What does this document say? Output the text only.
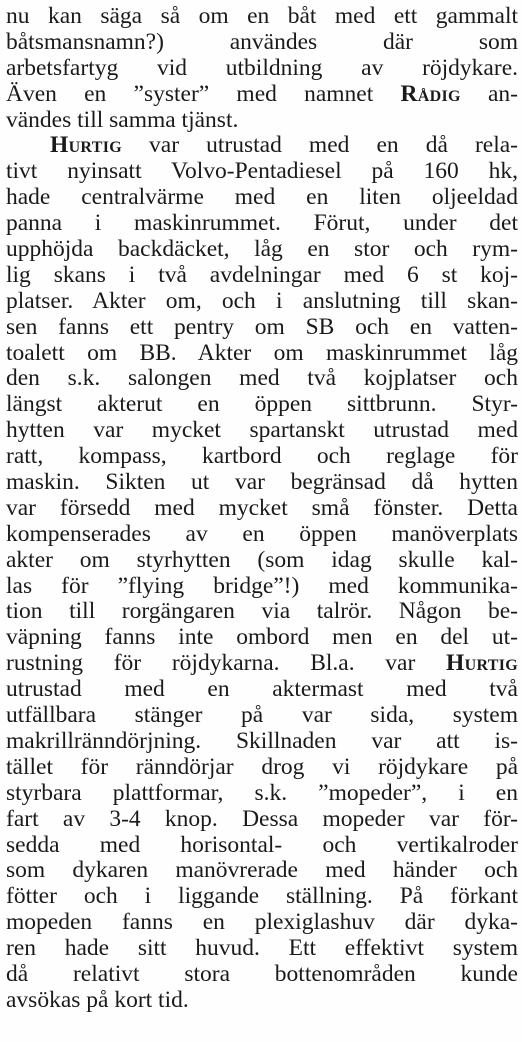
nu kan säga så om en båt med ett gammalt
båtsmansnamn?) användes där som
arbetsfartyg vid utbildning av röjdykare.
Även en ”syster” med namnet Rådig an-
vändes till samma tjänst.
Hurtig var utrustad med en då rela-
tivt nyinsatt Volvo-Pentadiesel på 160 hk,
hade centralvärme med en liten oljeeldad
panna i maskinrummet. Förut, under det
upphöjda backdäcket, låg en stor och rym-
lig skans i två avdelningar med 6 st koj-
platser. Akter om, och i anslutning till skan-
sen fanns ett pentry om SB och en vatten-
toalett om BB. Akter om maskinrummet låg
den s.k. salongen med två kojplatser och
längst akterut en öppen sittbrunn. Styr-
hytten var mycket spartanskt utrustad med
ratt, kompass, kartbord och reglage för
maskin. Sikten ut var begränsad då hytten
var försedd med mycket små fönster. Detta
kompenserades av en öppen manöverplats
akter om styrhytten (som idag skulle kal-
las för ”flying bridge”!) med kommunika-
tion till rorgängaren via talrör. Någon be-
väpning fanns inte ombord men en del ut-
rustning för röjdykarna. Bl.a. var Hurtig
utrustad med en aktermast med två
utfällbara stänger på var sida, system
makrillränndörjning. Skillnaden var att is-
tället för ränndörjar drog vi röjdykare på
styrbara plattformar, s.k. ”mopeder”, i en
fart av 3-4 knop. Dessa mopeder var för-
sedda med horisontal- och vertikalroder
som dykaren manövrerade med händer och
fötter och i liggande ställning. På förkant
mopeden fanns en plexiglashuv där dyka-
ren hade sitt huvud. Ett effektivt system
då relativt stora bottenområden kunde
avsökas på kort tid.
